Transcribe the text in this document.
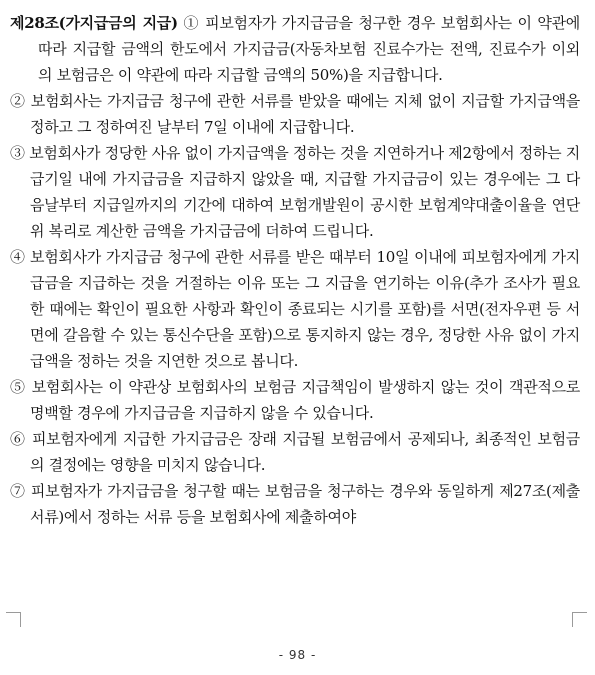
제28조(가지급금의 지급) ① 피보험자가 가지급금을 청구한 경우 보험회사는 이 약관에 따라 지급할 금액의 한도에서 가지급금(자동차보험 진료수가는 전액, 진료수가 이외의 보험금은 이 약관에 따라 지급할 금액의 50%)을 지급합니다.

② 보험회사는 가지급금 청구에 관한 서류를 받았을 때에는 지체 없이 지급할 가지급액을 정하고 그 정하여진 날부터 7일 이내에 지급합니다.

③ 보험회사가 정당한 사유 없이 가지급액을 정하는 것을 지연하거나 제2항에서 정하는 지급기일 내에 가지급금을 지급하지 않았을 때, 지급할 가지급금이 있는 경우에는 그 다음날부터 지급일까지의 기간에 대하여 보험개발원이 공시한 보험계약대출이율을 연단위 복리로 계산한 금액을 가지급금에 더하여 드립니다.

④ 보험회사가 가지급금 청구에 관한 서류를 받은 때부터 10일 이내에 피보험자에게 가지급금을 지급하는 것을 거절하는 이유 또는 그 지급을 연기하는 이유(추가 조사가 필요한 때에는 확인이 필요한 사항과 확인이 종료되는 시기를 포함)를 서면(전자우편 등 서면에 갈음할 수 있는 통신수단을 포함)으로 통지하지 않는 경우, 정당한 사유 없이 가지급액을 정하는 것을 지연한 것으로 봅니다.

⑤ 보험회사는 이 약관상 보험회사의 보험금 지급책임이 발생하지 않는 것이 객관적으로 명백할 경우에 가지급금을 지급하지 않을 수 있습니다.

⑥ 피보험자에게 지급한 가지급금은 장래 지급될 보험금에서 공제되나, 최종적인 보험금의 결정에는 영향을 미치지 않습니다.

⑦ 피보험자가 가지급금을 청구할 때는 보험금을 청구하는 경우와 동일하게 제27조(제출 서류)에서 정하는 서류 등을 보험회사에 제출하여야

- 98 -
